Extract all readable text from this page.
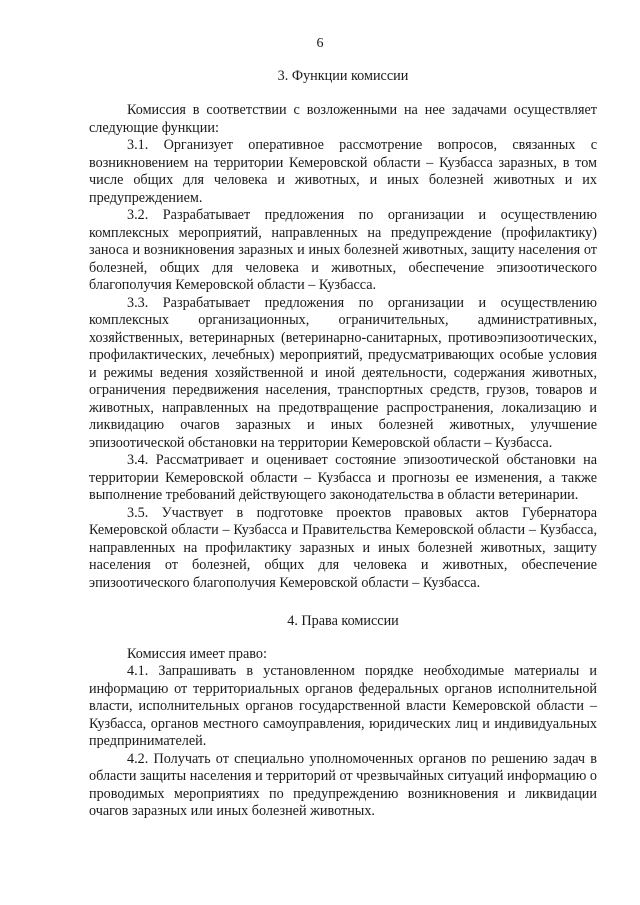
6
3. Функции комиссии

Комиссия в соответствии с возложенными на нее задачами осуществляет следующие функции:

3.1. Организует оперативное рассмотрение вопросов, связанных с возникновением на территории Кемеровской области – Кузбасса заразных, в том числе общих для человека и животных, и иных болезней животных и их предупреждением.

3.2. Разрабатывает предложения по организации и осуществлению комплексных мероприятий, направленных на предупреждение (профилактику) заноса и возникновения заразных и иных болезней животных, защиту населения от болезней, общих для человека и животных, обеспечение эпизоотического благополучия Кемеровской области – Кузбасса.

3.3. Разрабатывает предложения по организации и осуществлению комплексных организационных, ограничительных, административных, хозяйственных, ветеринарных (ветеринарно-санитарных, противоэпизоотических, профилактических, лечебных) мероприятий, предусматривающих особые условия и режимы ведения хозяйственной и иной деятельности, содержания животных, ограничения передвижения населения, транспортных средств, грузов, товаров и животных, направленных на предотвращение распространения, локализацию и ликвидацию очагов заразных и иных болезней животных, улучшение эпизоотической обстановки на территории Кемеровской области – Кузбасса.

3.4. Рассматривает и оценивает состояние эпизоотической обстановки на территории Кемеровской области – Кузбасса и прогнозы ее изменения, а также выполнение требований действующего законодательства в области ветеринарии.

3.5. Участвует в подготовке проектов правовых актов Губернатора Кемеровской области – Кузбасса и Правительства Кемеровской области – Кузбасса, направленных на профилактику заразных и иных болезней животных, защиту населения от болезней, общих для человека и животных, обеспечение эпизоотического благополучия Кемеровской области – Кузбасса.

4. Права комиссии

Комиссия имеет право:

4.1. Запрашивать в установленном порядке необходимые материалы и информацию от территориальных органов федеральных органов исполнительной власти, исполнительных органов государственной власти Кемеровской области – Кузбасса, органов местного самоуправления, юридических лиц и индивидуальных предпринимателей.

4.2. Получать от специально уполномоченных органов по решению задач в области защиты населения и территорий от чрезвычайных ситуаций информацию о проводимых мероприятиях по предупреждению возникновения и ликвидации очагов заразных или иных болезней животных.
